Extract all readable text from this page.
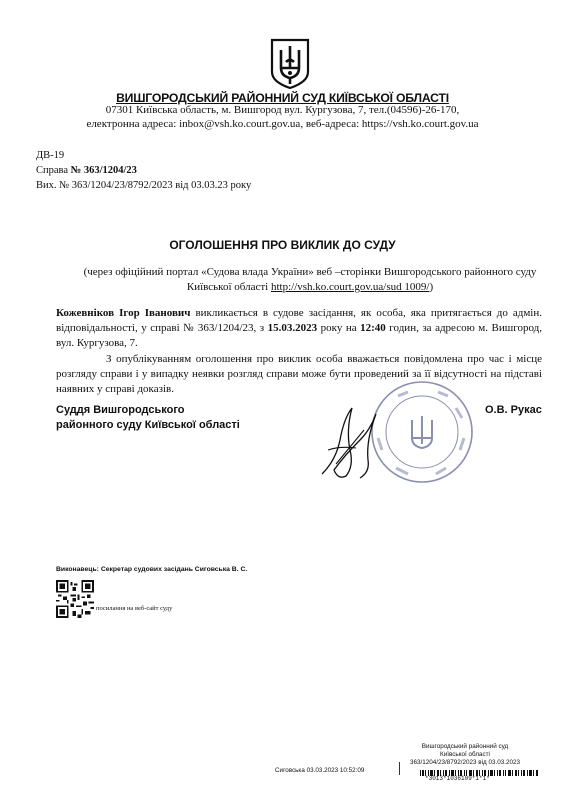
ВИШГОРОДСЬКИЙ РАЙОННИЙ СУД КИЇВСЬКОЇ ОБЛАСТІ
07301 Київська область, м. Вишгород вул. Кургузова, 7, тел.(04596)-26-170,
електронна адреса: inbox@vsh.ko.court.gov.ua, веб-адреса: https://vsh.ko.court.gov.ua
ДВ-19
Справа № 363/1204/23
Вих. № 363/1204/23/8792/2023 від 03.03.23 року
ОГОЛОШЕННЯ ПРО ВИКЛИК ДО СУДУ
(через офіційний портал «Судова влада України» веб –сторінки Вишгородського районного суду Київської області http://vsh.ko.court.gov.ua/sud 1009/)
Кожевніков Ігор Іванович викликається в судове засідання, як особа, яка притягається до адмін. відповідальності, у справі № 363/1204/23, з 15.03.2023 року на 12:40 годин, за адресою м. Вишгород, вул. Кургузова, 7.
З опублікуванням оголошення про виклик особа вважається повідомлена про час і місце розгляду справи і у випадку неявки розгляд справи може бути проведений за її відсутності на підставі наявних у справі доказів.
Суддя Вишгородського
районного суду Київської області
О.В. Рукас
Виконавець: Секретар судових засідань Сиговська В. С.
посилання на веб-сайт суду
Вишгородський районний суд
Київської області
363/1204/23/8792/2023 від 03.03.2023
Сиговська 03.03.2023 10:52:09
*3013*1036109*1*1*
